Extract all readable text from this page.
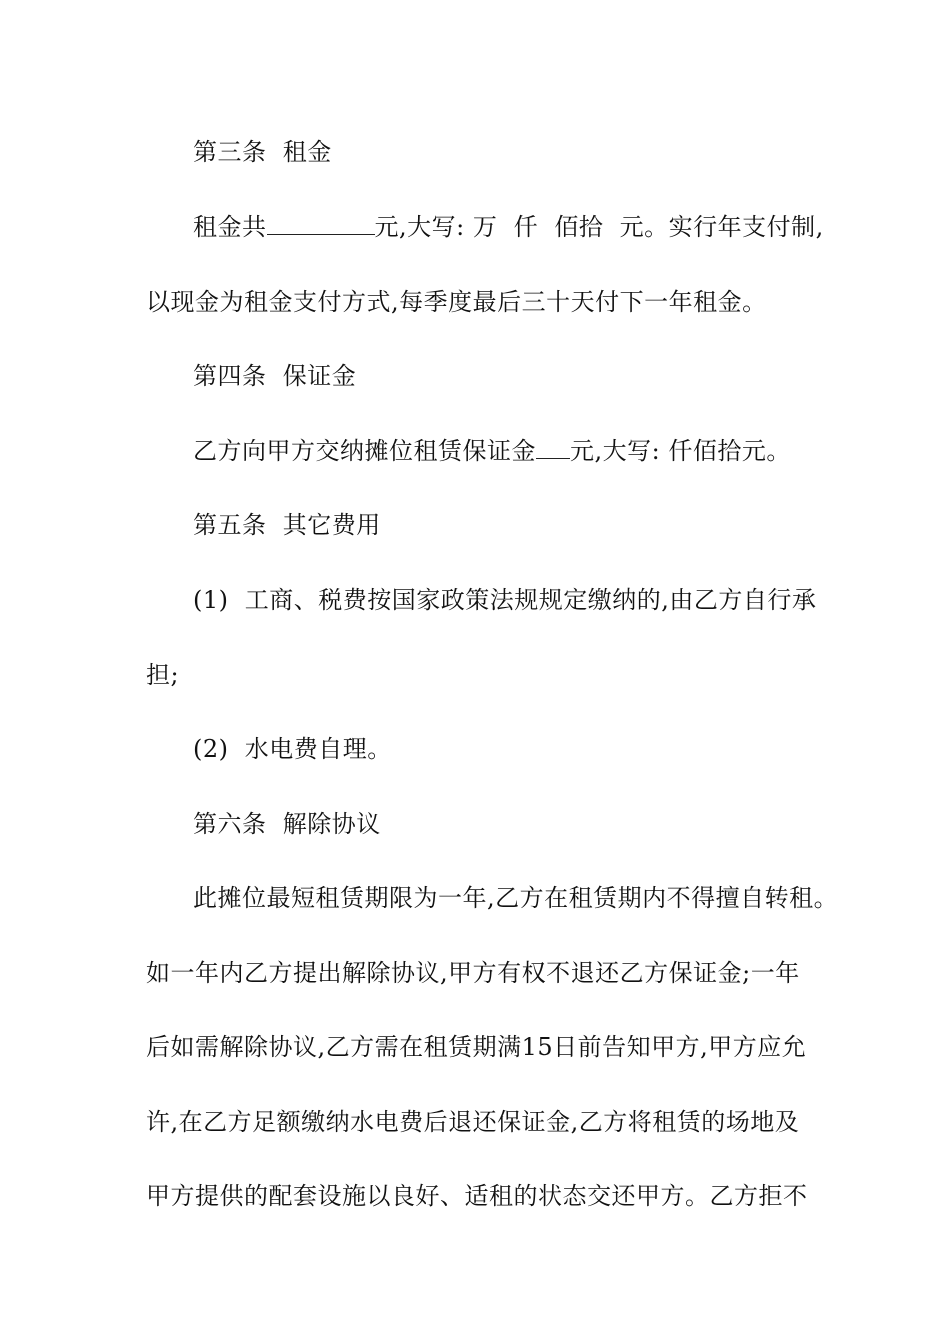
第三条  租金
租金共	元,大写: 万  仟  佰拾  元。实行年支付制,
以现金为租金支付方式,每季度最后三十天付下一年租金。
第四条  保证金
乙方向甲方交纳摊位租赁保证金 元,大写: 仟佰拾元。
第五条  其它费用
(1)  工商、税费按国家政策法规规定缴纳的,由乙方自行承
担;
(2)  水电费自理。
第六条  解除协议
此摊位最短租赁期限为一年,乙方在租赁期内不得擅自转租。
如一年内乙方提出解除协议,甲方有权不退还乙方保证金;一年
后如需解除协议,乙方需在租赁期满15日前告知甲方,甲方应允
许,在乙方足额缴纳水电费后退还保证金,乙方将租赁的场地及
甲方提供的配套设施以良好、适租的状态交还甲方。乙方拒不
